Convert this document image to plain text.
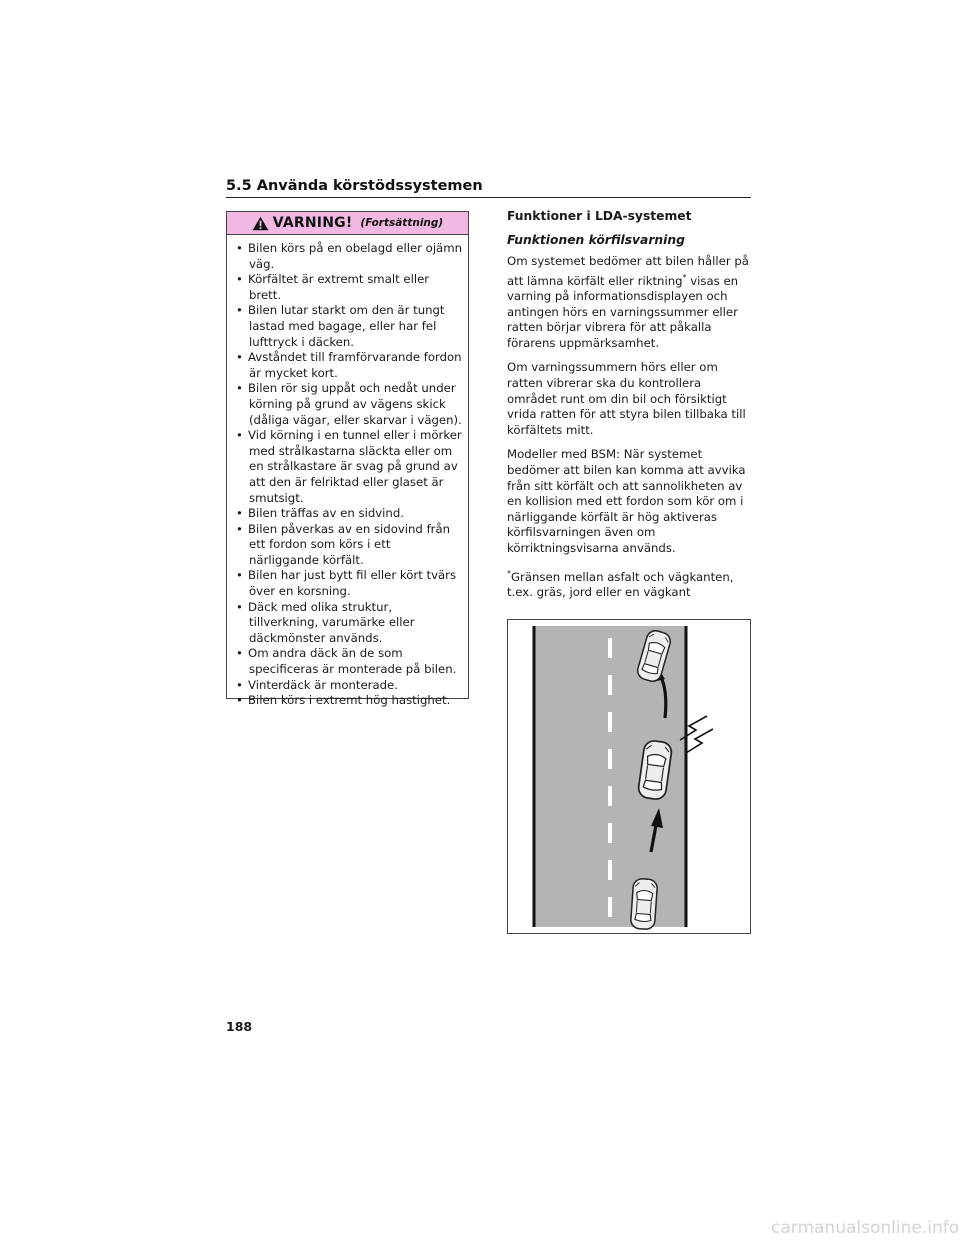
5.5 Använda körstödssystemen
VARNING! (Fortsättning)
• Bilen körs på en obelagd eller ojämn väg.
• Körfältet är extremt smalt eller brett.
• Bilen lutar starkt om den är tungt lastad med bagage, eller har fel lufttryck i däcken.
• Avståndet till framförvarande fordon är mycket kort.
• Bilen rör sig uppåt och nedåt under körning på grund av vägens skick (dåliga vägar, eller skarvar i vägen).
• Vid körning i en tunnel eller i mörker med strålkastarna släckta eller om en strålkastare är svag på grund av att den är felriktad eller glaset är smutsigt.
• Bilen träffas av en sidvind.
• Bilen påverkas av en sidovind från ett fordon som körs i ett närliggande körfält.
• Bilen har just bytt fil eller kört tvärs över en korsning.
• Däck med olika struktur, tillverkning, varumärke eller däckmönster används.
• Om andra däck än de som specificeras är monterade på bilen.
• Vinterdäck är monterade.
• Bilen körs i extremt hög hastighet.
Funktioner i LDA-systemet
Funktionen körfilsvarning

Om systemet bedömer att bilen håller på att lämna körfält eller riktning* visas en varning på informationsdisplayen och antingen hörs en varningssummer eller ratten börjar vibrera för att påkalla förarens uppmärksamhet.

Om varningssummern hörs eller om ratten vibrerar ska du kontrollera området runt om din bil och försiktigt vrida ratten för att styra bilen tillbaka till körfältets mitt.

Modeller med BSM: När systemet bedömer att bilen kan komma att avvika från sitt körfält och att sannolikheten av en kollision med ett fordon som kör om i närliggande körfält är hög aktiveras körfilsvarningen även om körriktningsvisarna används.

*Gränsen mellan asfalt och vägkanten, t.ex. gräs, jord eller en vägkant

188
carmanualsonline.info
